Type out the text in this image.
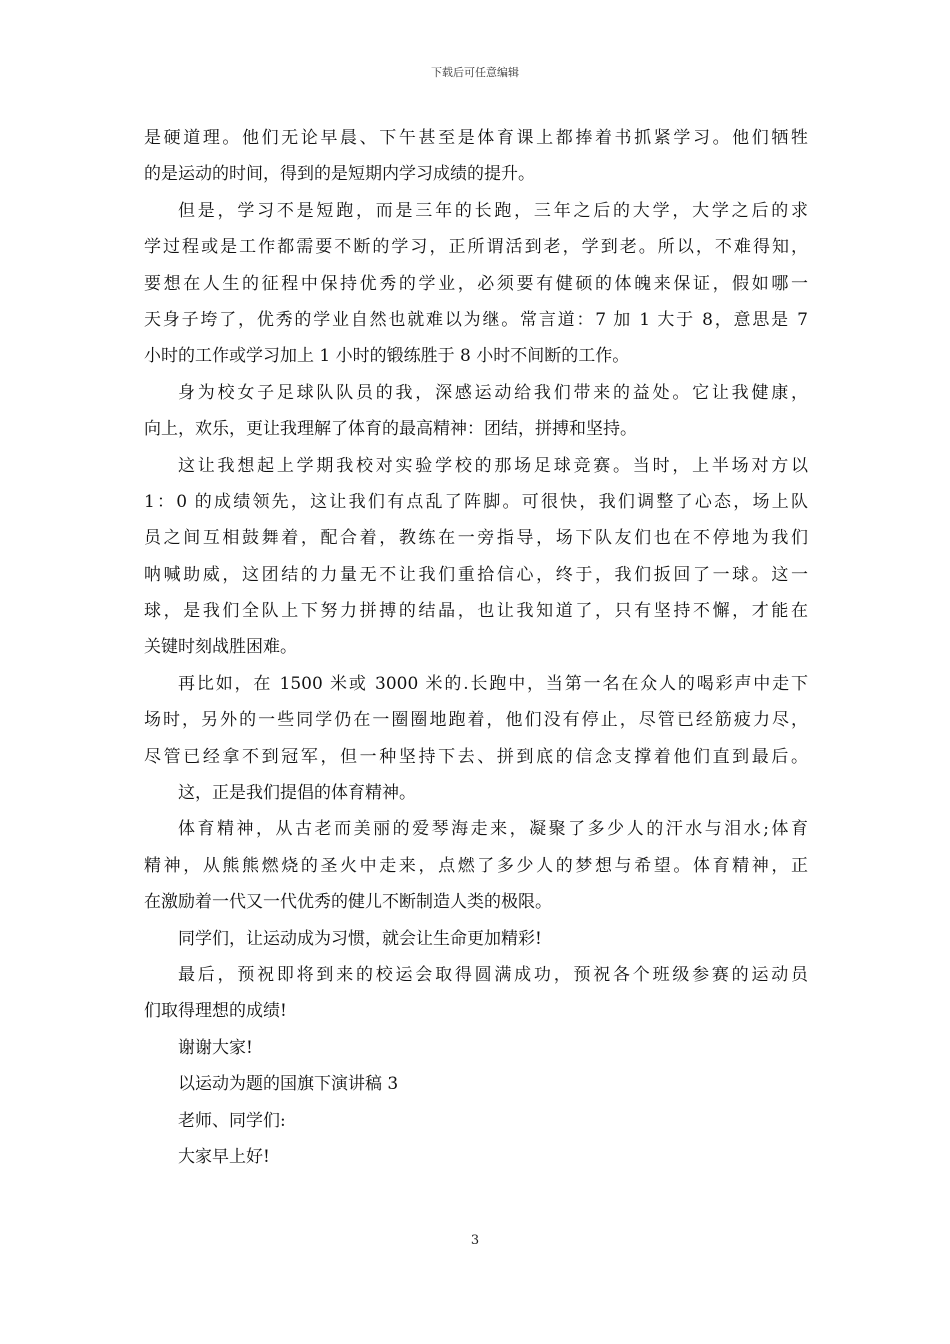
下载后可任意编辑
是硬道理。他们无论早晨、下午甚至是体育课上都捧着书抓紧学习。他们牺牲
的是运动的时间，得到的是短期内学习成绩的提升。
但是，学习不是短跑，而是三年的长跑，三年之后的大学，大学之后的求
学过程或是工作都需要不断的学习，正所谓活到老，学到老。所以，不难得知，
要想在人生的征程中保持优秀的学业，必须要有健硕的体魄来保证，假如哪一
天身子垮了，优秀的学业自然也就难以为继。常言道：7 加 1 大于 8，意思是 7
小时的工作或学习加上 1 小时的锻练胜于 8 小时不间断的工作。
身为校女子足球队队员的我，深感运动给我们带来的益处。它让我健康，
向上，欢乐，更让我理解了体育的最高精神：团结，拼搏和坚持。
这让我想起上学期我校对实验学校的那场足球竞赛。当时，上半场对方以
1：0 的成绩领先，这让我们有点乱了阵脚。可很快，我们调整了心态，场上队
员之间互相鼓舞着，配合着，教练在一旁指导，场下队友们也在不停地为我们
呐喊助威，这团结的力量无不让我们重拾信心，终于，我们扳回了一球。这一
球，是我们全队上下努力拼搏的结晶，也让我知道了，只有坚持不懈，才能在
关键时刻战胜困难。
再比如，在 1500 米或 3000 米的.长跑中，当第一名在众人的喝彩声中走下
场时，另外的一些同学仍在一圈圈地跑着，他们没有停止，尽管已经筋疲力尽，
尽管已经拿不到冠军，但一种坚持下去、拼到底的信念支撑着他们直到最后。
这，正是我们提倡的体育精神。
体育精神，从古老而美丽的爱琴海走来，凝聚了多少人的汗水与泪水;体育
精神，从熊熊燃烧的圣火中走来，点燃了多少人的梦想与希望。体育精神，正
在激励着一代又一代优秀的健儿不断制造人类的极限。
同学们，让运动成为习惯，就会让生命更加精彩!
最后，预祝即将到来的校运会取得圆满成功，预祝各个班级参赛的运动员
们取得理想的成绩!
谢谢大家!
以运动为题的国旗下演讲稿 3
老师、同学们:
大家早上好!
3
